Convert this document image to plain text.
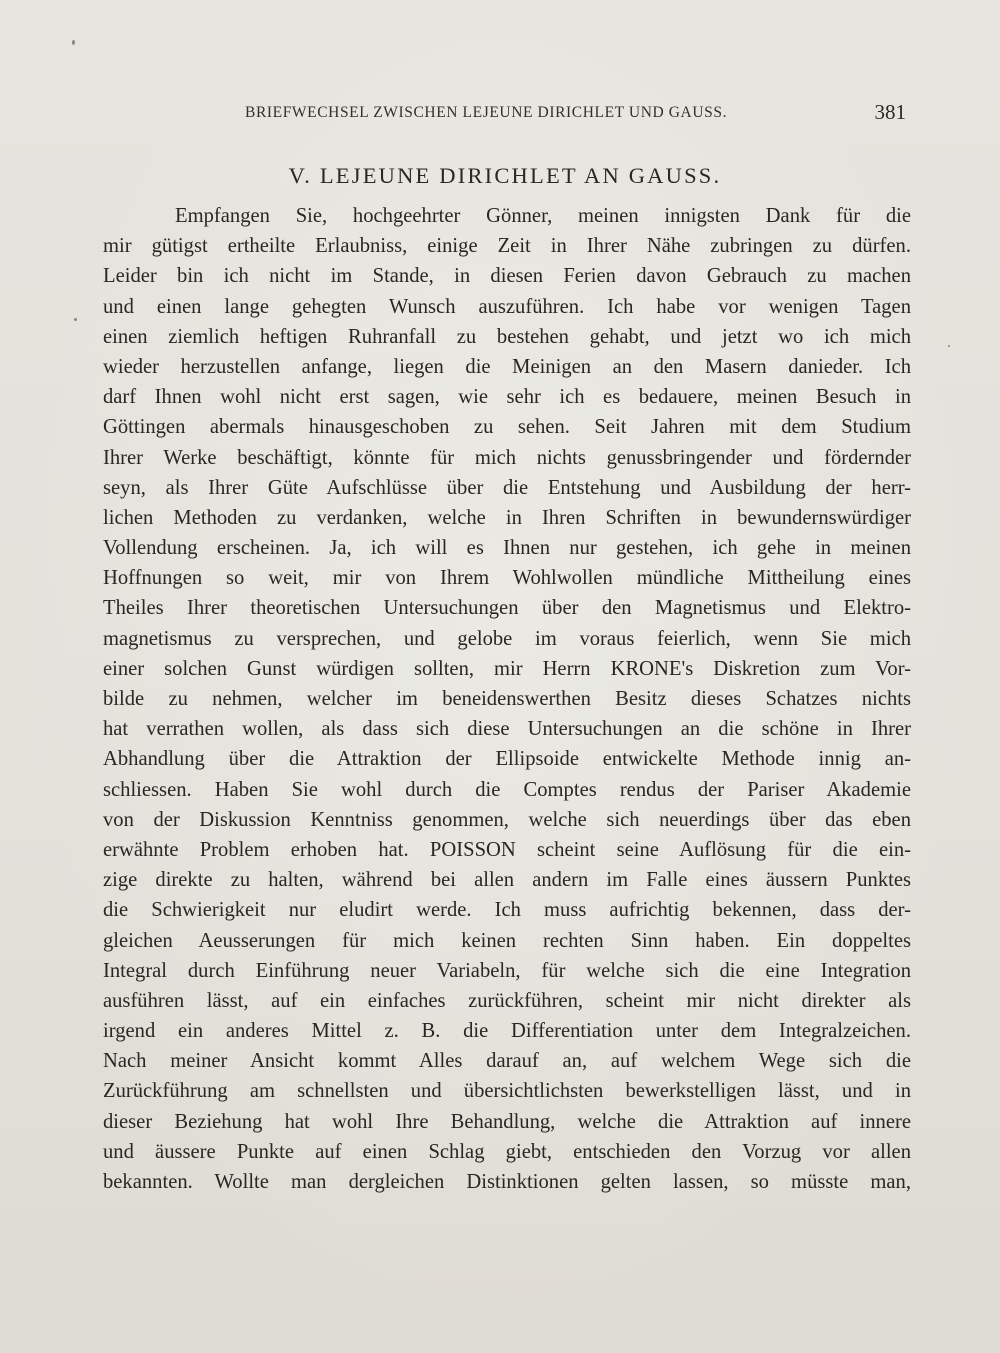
BRIEFWECHSEL ZWISCHEN LEJEUNE DIRICHLET UND GAUSS.	381
V. LEJEUNE DIRICHLET AN GAUSS.
Empfangen Sie, hochgeehrter Gönner, meinen innigsten Dank für die
mir gütigst ertheilte Erlaubniss, einige Zeit in Ihrer Nähe zubringen zu dürfen.
Leider bin ich nicht im Stande, in diesen Ferien davon Gebrauch zu machen
und einen lange gehegten Wunsch auszuführen. Ich habe vor wenigen Tagen
einen ziemlich heftigen Ruhranfall zu bestehen gehabt, und jetzt wo ich mich
wieder herzustellen anfange, liegen die Meinigen an den Masern danieder. Ich
darf Ihnen wohl nicht erst sagen, wie sehr ich es bedauere, meinen Besuch in
Göttingen abermals hinausgeschoben zu sehen. Seit Jahren mit dem Studium
Ihrer Werke beschäftigt, könnte für mich nichts genussbringender und fördernder
seyn, als Ihrer Güte Aufschlüsse über die Entstehung und Ausbildung der herr-
lichen Methoden zu verdanken, welche in Ihren Schriften in bewundernswürdiger
Vollendung erscheinen. Ja, ich will es Ihnen nur gestehen, ich gehe in meinen
Hoffnungen so weit, mir von Ihrem Wohlwollen mündliche Mittheilung eines
Theiles Ihrer theoretischen Untersuchungen über den Magnetismus und Elektro-
magnetismus zu versprechen, und gelobe im voraus feierlich, wenn Sie mich
einer solchen Gunst würdigen sollten, mir Herrn KRONE's Diskretion zum Vor-
bilde zu nehmen, welcher im beneidenswerthen Besitz dieses Schatzes nichts
hat verrathen wollen, als dass sich diese Untersuchungen an die schöne in Ihrer
Abhandlung über die Attraktion der Ellipsoide entwickelte Methode innig an-
schliessen. Haben Sie wohl durch die Comptes rendus der Pariser Akademie
von der Diskussion Kenntniss genommen, welche sich neuerdings über das eben
erwähnte Problem erhoben hat. POISSON scheint seine Auflösung für die ein-
zige direkte zu halten, während bei allen andern im Falle eines äussern Punktes
die Schwierigkeit nur eludirt werde. Ich muss aufrichtig bekennen, dass der-
gleichen Aeusserungen für mich keinen rechten Sinn haben. Ein doppeltes
Integral durch Einführung neuer Variabeln, für welche sich die eine Integration
ausführen lässt, auf ein einfaches zurückführen, scheint mir nicht direkter als
irgend ein anderes Mittel z. B. die Differentiation unter dem Integralzeichen.
Nach meiner Ansicht kommt Alles darauf an, auf welchem Wege sich die
Zurückführung am schnellsten und übersichtlichsten bewerkstelligen lässt, und in
dieser Beziehung hat wohl Ihre Behandlung, welche die Attraktion auf innere
und äussere Punkte auf einen Schlag giebt, entschieden den Vorzug vor allen
bekannten. Wollte man dergleichen Distinktionen gelten lassen, so müsste man,
